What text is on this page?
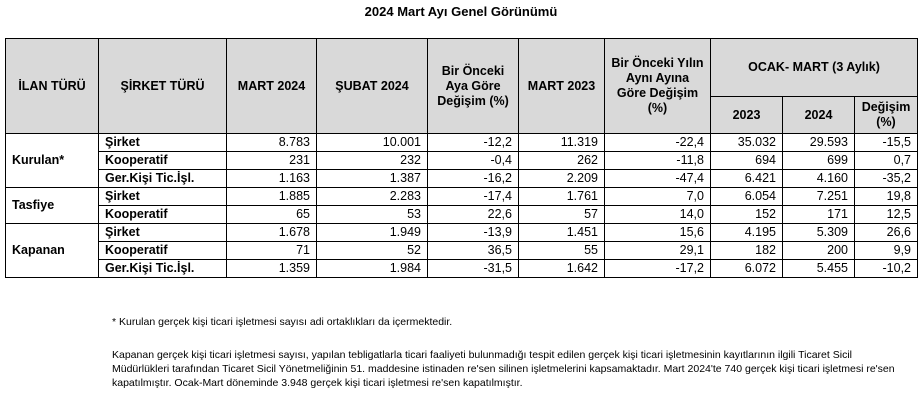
2024 Mart Ayı Genel Görünümü
İLAN TÜRÜ	ŞİRKET TÜRÜ	MART 2024	ŞUBAT 2024	Bir Önceki Aya Göre Değişim (%)	MART 2023	Bir Önceki Yılın Aynı Ayına Göre Değişim (%)	OCAK- MART (3 Aylık)		
							2023	2024	Değişim (%)
Kurulan*	Şirket	8.783	10.001	-12,2	11.319	-22,4	35.032	29.593	-15,5
	Kooperatif	231	232	-0,4	262	-11,8	694	699	0,7
	Ger.Kişi Tic.İşl.	1.163	1.387	-16,2	2.209	-47,4	6.421	4.160	-35,2
Tasfiye	Şirket	1.885	2.283	-17,4	1.761	7,0	6.054	7.251	19,8
	Kooperatif	65	53	22,6	57	14,0	152	171	12,5
Kapanan	Şirket	1.678	1.949	-13,9	1.451	15,6	4.195	5.309	26,6
	Kooperatif	71	52	36,5	55	29,1	182	200	9,9
	Ger.Kişi Tic.İşl.	1.359	1.984	-31,5	1.642	-17,2	6.072	5.455	-10,2
* Kurulan gerçek kişi ticari işletmesi sayısı adi ortaklıkları da içermektedir.
Kapanan gerçek kişi ticari işletmesi sayısı, yapılan tebligatlarla ticari faaliyeti bulunmadığı tespit edilen gerçek kişi ticari işletmesinin kayıtlarının ilgili Ticaret Sicil Müdürlükleri tarafından Ticaret Sicil Yönetmeliğinin 51. maddesine istinaden re'sen silinen işletmelerini kapsamaktadır. Mart 2024'te 740 gerçek kişi ticari işletmesi re'sen kapatılmıştır. Ocak-Mart döneminde 3.948 gerçek kişi ticari işletmesi re'sen kapatılmıştır.
